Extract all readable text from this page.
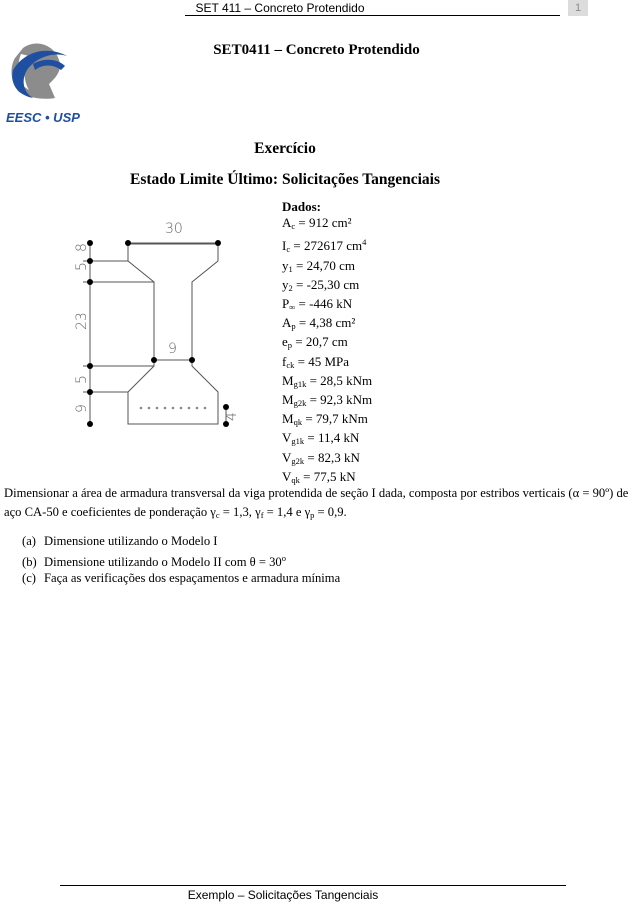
SET 411 – Concreto Protendido	1
EESC • USP
SET0411 – Concreto Protendido
Exercício
Estado Limite Último: Solicitações Tangenciais
30
5
8
23
5
9
9
4
Dados:
$A_c = 912$ cm²
$I_c = 272617$ $cm^4$
$y_1 = 24,70$ cm
$y_2 = -25,30$ cm
$P_\infty = -446$ kN
$A_p = 4,38$ cm²
$e_p = 20,7$ cm
$f_{ck} = 45$ MPa
$M_{g1k} = 28,5$ kNm
$M_{g2k} = 92,3$ kNm
$M_{qk} = 79,7$ kNm
$V_{g1k} = 11,4$ kN
$V_{g2k} = 82,3$ kN
$V_{qk} = 77,5$ kN
Dimensionar a área de armadura transversal da viga protendida de seção I dada, composta por estribos verticais (α = 90º) de aço CA-50 e coeficientes de ponderação $\gamma_c = 1,3$, $\gamma_f = 1,4$ e $\gamma_p = 0,9$.
(a) Dimensione utilizando o Modelo I
(b) Dimensione utilizando o Modelo II com $\theta = 30^o$
(c) Faça as verificações dos espaçamentos e armadura mínima
Exemplo – Solicitações Tangenciais
